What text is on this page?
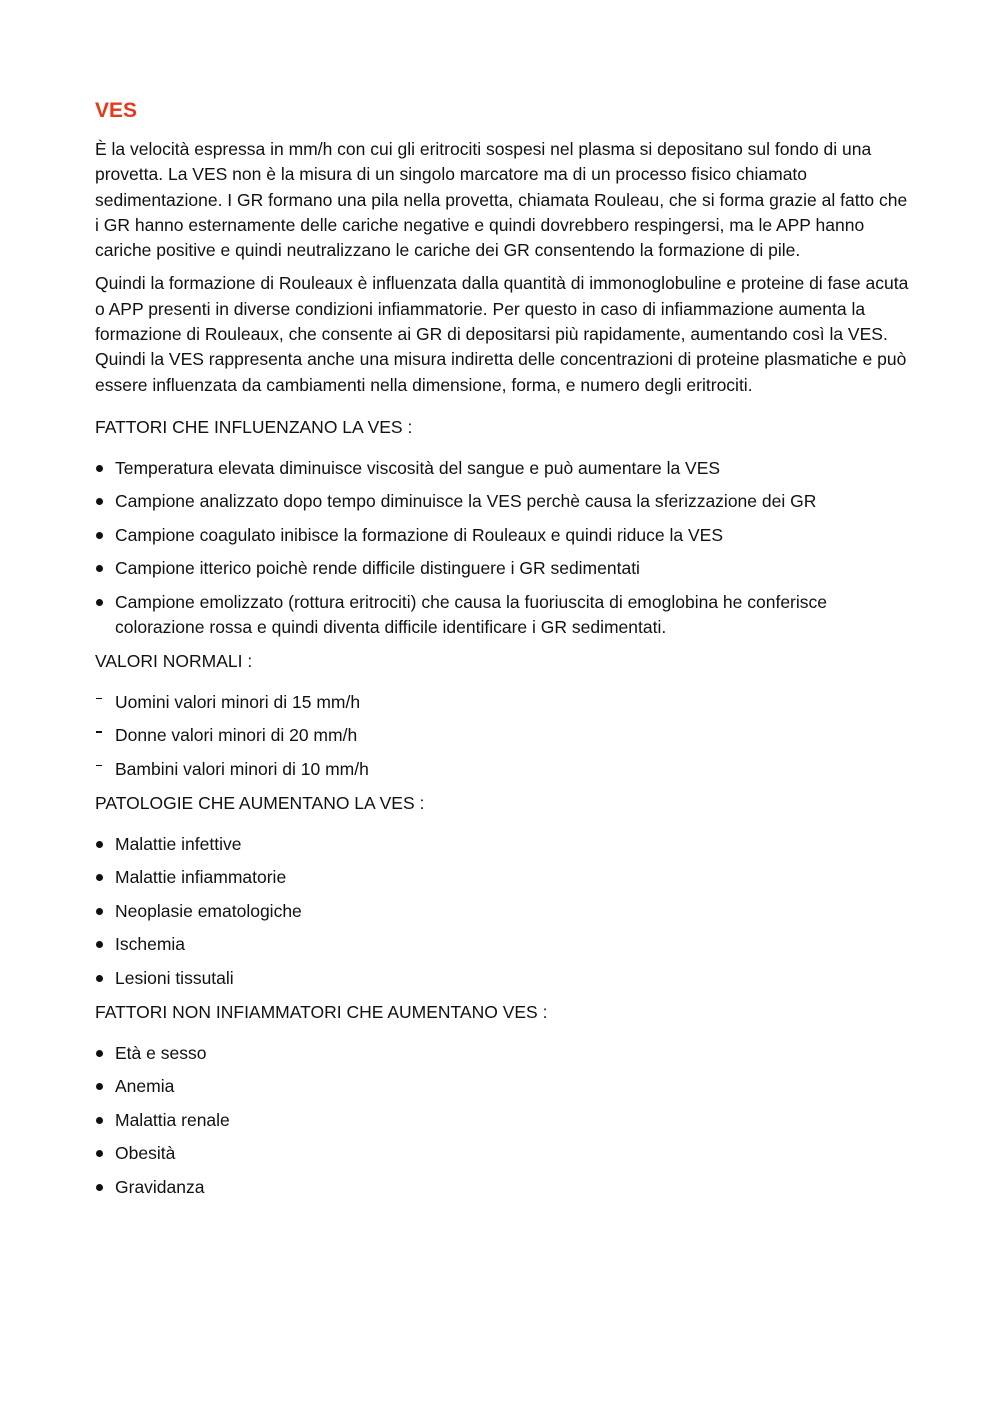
VES

È la velocità espressa in mm/h con cui gli eritrociti sospesi nel plasma si depositano sul fondo di una provetta. La VES non è la misura di un singolo marcatore ma di un processo fisico chiamato sedimentazione. I GR formano una pila nella provetta, chiamata Rouleau, che si forma grazie al fatto che i GR hanno esternamente delle cariche negative e quindi dovrebbero respingersi, ma le APP hanno cariche positive e quindi neutralizzano le cariche dei GR consentendo la formazione di pile.

Quindi la formazione di Rouleaux è influenzata dalla quantità di immonoglobuline e proteine di fase acuta o APP presenti in diverse condizioni infiammatorie. Per questo in caso di infiammazione aumenta la formazione di Rouleaux, che consente ai GR di depositarsi più rapidamente, aumentando così la VES. Quindi la VES rappresenta anche una misura indiretta delle concentrazioni di proteine plasmatiche e può essere influenzata da cambiamenti nella dimensione, forma, e numero degli eritrociti.

FATTORI CHE INFLUENZANO LA VES :

Temperatura elevata diminuisce viscosità del sangue e può aumentare la VES
Campione analizzato dopo tempo diminuisce la VES perchè causa la sferizzazione dei GR
Campione coagulato inibisce la formazione di Rouleaux e quindi riduce la VES
Campione itterico poichè rende difficile distinguere i GR sedimentati
Campione emolizzato (rottura eritrociti) che causa la fuoriuscita di emoglobina he conferisce colorazione rossa e quindi diventa difficile identificare i GR sedimentati.

VALORI NORMALI :

Uomini valori minori di 15 mm/h
Donne valori minori di 20 mm/h
Bambini valori minori di 10 mm/h

PATOLOGIE CHE AUMENTANO LA VES :

Malattie infettive
Malattie infiammatorie
Neoplasie ematologiche
Ischemia
Lesioni tissutali

FATTORI NON INFIAMMATORI CHE AUMENTANO VES :

Età e sesso
Anemia
Malattia renale
Obesità
Gravidanza
